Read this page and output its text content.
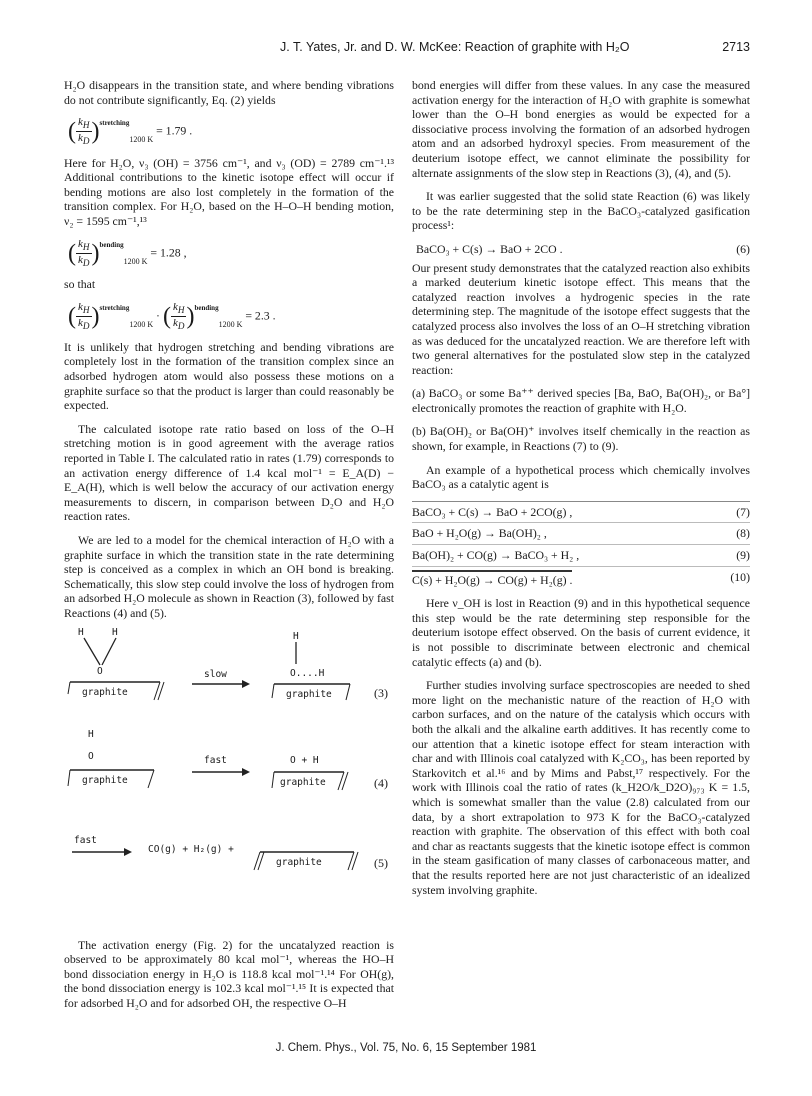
J. T. Yates, Jr. and D. W. McKee: Reaction of graphite with H₂O	2713

H₂O disappears in the transition state, and where bending vibrations do not contribute significantly, Eq. (2) yields

( $\frac{k_H}{k_D} )^{stretching}1200$ K = 1.79 .

Here for H₂O, ν₃ (OH) = 3756 cm⁻¹, and ν₃ (OD) = 2789 cm⁻¹.¹³ Additional contributions to the kinetic isotope effect will occur if bending motions are also lost completely in the formation of the transition complex. For H₂O, based on the H–O–H bending motion, ν₂ = 1595 cm⁻¹,¹³

( $\frac{k_H}{k_D} )^{bending}1200$ K = 1.28 ,

so that

( $\frac{k_H}{k_D} )^{stretching}1200$ K · ( $\frac{k_H}{k_D} )^{bending}1200$ K = 2.3 .

It is unlikely that hydrogen stretching and bending vibrations are completely lost in the formation of the transition complex since an adsorbed hydrogen atom would also possess these motions on a graphite surface so that the product is larger than could reasonably be expected.

The calculated isotope rate ratio based on loss of the O–H stretching motion is in good agreement with the average ratios reported in Table I. The calculated ratio in rates (1.79) corresponds to an activation energy difference of 1.4 kcal mol⁻¹ = E_A(D) − E_A(H), which is well below the accuracy of our activation energy measurements to discern, in comparison between D₂O and H₂O reaction rates.

We are led to a model for the chemical interaction of H₂O with a graphite surface in which the transition state in the rate determining step is conceived as a complex in which an OH bond is breaking. Schematically, this slow step could involve the loss of hydrogen from an adsorbed H₂O molecule as shown in Reaction (3), followed by fast Reactions (4) and (5).

H	H
O
graphite
slow
H
O....H
graphite	(3)
H
O
graphite
fast	O + H
graphite	(4)
fast
CO(g) + H₂(g) +
graphite	(5)

The activation energy (Fig. 2) for the uncatalyzed reaction is observed to be approximately 80 kcal mol⁻¹, whereas the HO–H bond dissociation energy in H₂O is 118.8 kcal mol⁻¹.¹⁴ For OH(g), the bond dissociation energy is 102.3 kcal mol⁻¹.¹⁵ It is expected that for adsorbed H₂O and for adsorbed OH, the respective O–H

bond energies will differ from these values. In any case the measured activation energy for the interaction of H₂O with graphite is somewhat lower than the O–H bond energies as would be expected for a dissociative process involving the formation of an adsorbed hydrogen atom and an adsorbed hydroxyl species. From measurement of the deuterium isotope effect, we cannot eliminate the possibility for alternate assignments of the slow step in Reactions (3), (4), and (5).

It was earlier suggested that the solid state Reaction (6) was likely to be the rate determining step in the BaCO₃-catalyzed gasification process¹:

BaCO₃ + C(s) → BaO + 2CO .	(6)

Our present study demonstrates that the catalyzed reaction also exhibits a marked deuterium kinetic isotope effect. This means that the catalyzed reaction involves a hydrogenic species in the rate determining step. The magnitude of the isotope effect suggests that the catalyzed process also involves the loss of an O–H stretching vibration as was deduced for the uncatalyzed reaction. We are therefore left with two general alternatives for the postulated slow step in the catalyzed reaction:

(a) BaCO₃ or some Ba⁺⁺ derived species [Ba, BaO, Ba(OH)₂, or Ba°] electronically promotes the reaction of graphite with H₂O.

(b) Ba(OH)₂ or Ba(OH)⁺ involves itself chemically in the reaction as shown, for example, in Reactions (7) to (9).

An example of a hypothetical process which chemically involves BaCO₃ as a catalytic agent is

BaCO₃ + C(s) → BaO + 2CO(g) ,	(7)
BaO + H₂O(g) → Ba(OH)₂ ,	(8)
Ba(OH)₂ + CO(g) → BaCO₃ + H₂ ,	(9)
C(s) + H₂O(g) → CO(g) + H₂(g) .	(10)

Here ν_OH is lost in Reaction (9) and in this hypothetical sequence this step would be the rate determining step responsible for the deuterium isotope effect observed. On the basis of current evidence, it is not possible to discriminate between electronic and chemical catalytic effects (a) and (b).

Further studies involving surface spectroscopies are needed to shed more light on the mechanistic nature of the reaction of H₂O with carbon surfaces, and on the nature of the catalysis which occurs with both the alkali and the alkaline earth additives. It has recently come to our attention that a kinetic isotope effect for steam interaction with char and with Illinois coal catalyzed with K₂CO₃, has been reported by Starkovitch et al.¹⁶ and by Mims and Pabst,¹⁷ respectively. For the work with Illinois coal the ratio of rates (k_H2O/k_D2O)₉₇₃ K = 1.5, which is somewhat smaller than the value (2.8) calculated from our data, by a short extrapolation to 973 K for the BaCO₃-catalyzed reaction with graphite. The observation of this effect with both coal and char as reactants suggests that the kinetic isotope effect is common in the steam gasification of many classes of carbonaceous matter, and that the results reported here are not just characteristic of an idealized system involving graphite.

J. Chem. Phys., Vol. 75, No. 6, 15 September 1981
